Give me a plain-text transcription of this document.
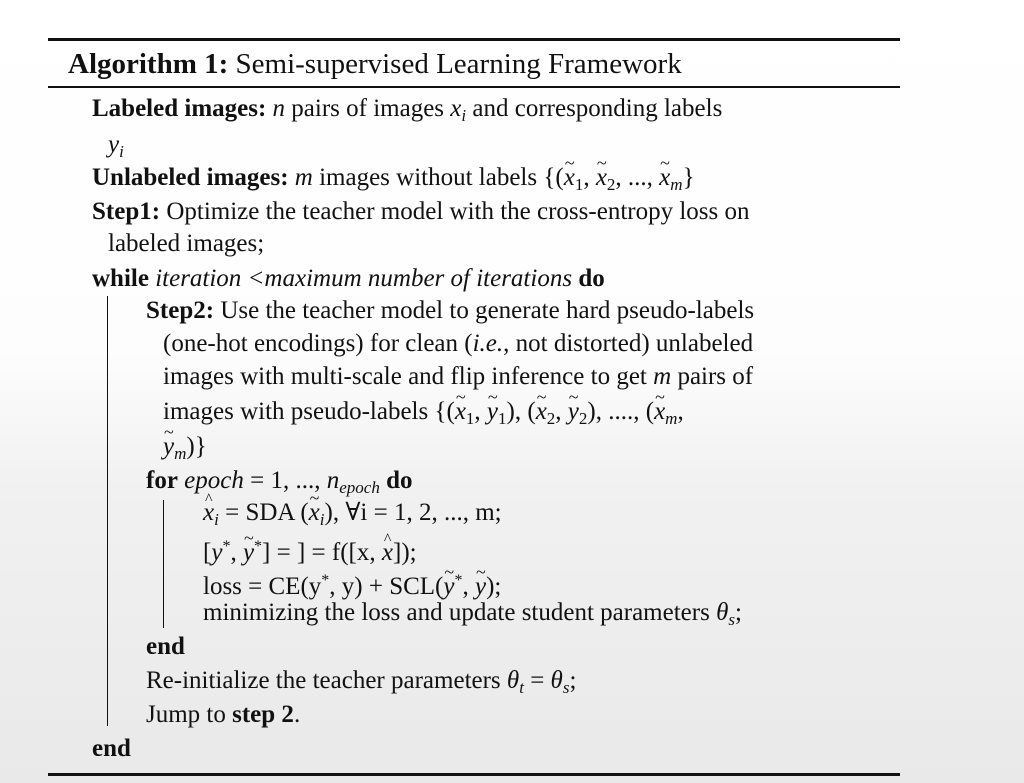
Algorithm 1: Semi-supervised Learning Framework
Labeled images: n pairs of images $x_i$ and corresponding labels
$y_i$
Unlabeled images: m images without labels {(~ $x_1$, ~ $x_2$, ..., ~ $x_m$}
Step1: Optimize the teacher model with the cross-entropy loss on
labeled images;
while iteration <maximum number of iterations do
Step2: Use the teacher model to generate hard pseudo-labels
(one-hot encodings) for clean (i.e., not distorted) unlabeled
images with multi-scale and flip inference to get m pairs of
images with pseudo-labels {(~ $x_1$, ~ $y_1$), (~ $x_2$, ~ $y_2$), ...., (~ $x_m$,
~ $y_m$)}
for epoch = 1, ..., $n_{epoch}$ do
^ $x_i$ = SDA (~ $x_i$), ∀i = 1, 2, ..., m;
[y*, ~ y*] = ] = f([x, ^ x]);
loss = CE(y*, y) + SCL(~ y*, ~ y);
minimizing the loss and update student parameters $\theta_s$;
end
Re-initialize the teacher parameters $\theta_t = \theta_s$;
Jump to step 2.
end
